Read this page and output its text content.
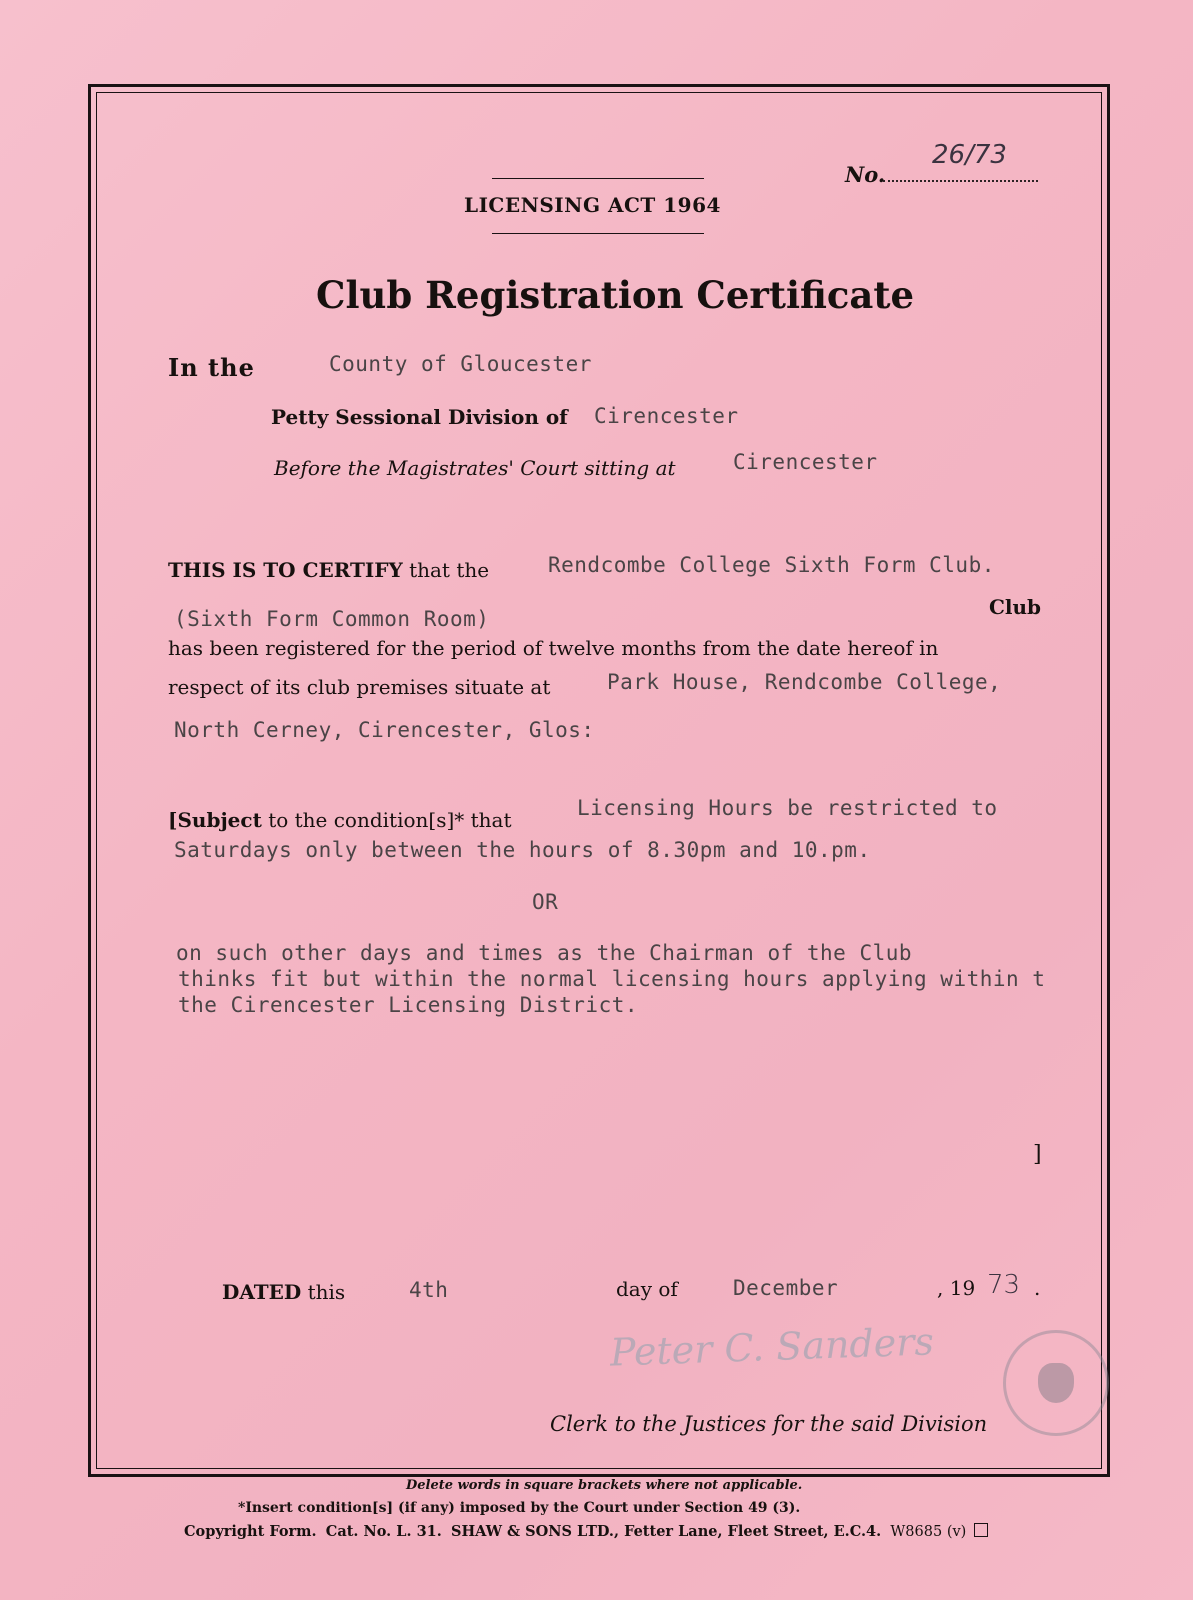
LICENSING ACT 1964
No.
26/73
Club Registration Certificate
In the	County of Gloucester
Petty Sessional Division of Cirencester
Before the Magistrates' Court sitting at	Cirencester
THIS IS TO CERTIFY that the	Rendcombe College Sixth Form Club.
(Sixth Form Common Room)	Club
has been registered for the period of twelve months from the date hereof in
respect of its club premises situate at	Park House, Rendcombe College,
North Cerney, Cirencester, Glos:
[Subject to the condition[s]* that	Licensing Hours be restricted to
Saturdays only between the hours of 8.30pm and 10.pm.
OR
on such other days and times as the Chairman of the Club
thinks fit but within the normal licensing hours applying within t
the Cirencester Licensing District.
]
DATED this	4th	day of	December	, 19 73 .
Peter C. Sanders
Clerk to the Justices for the said Division
Delete words in square brackets where not applicable.
*Insert condition[s] (if any) imposed by the Court under Section 49 (3).
Copyright Form. Cat. No. L. 31. SHAW & SONS LTD., Fetter Lane, Fleet Street, E.C.4. W8685 (v)
